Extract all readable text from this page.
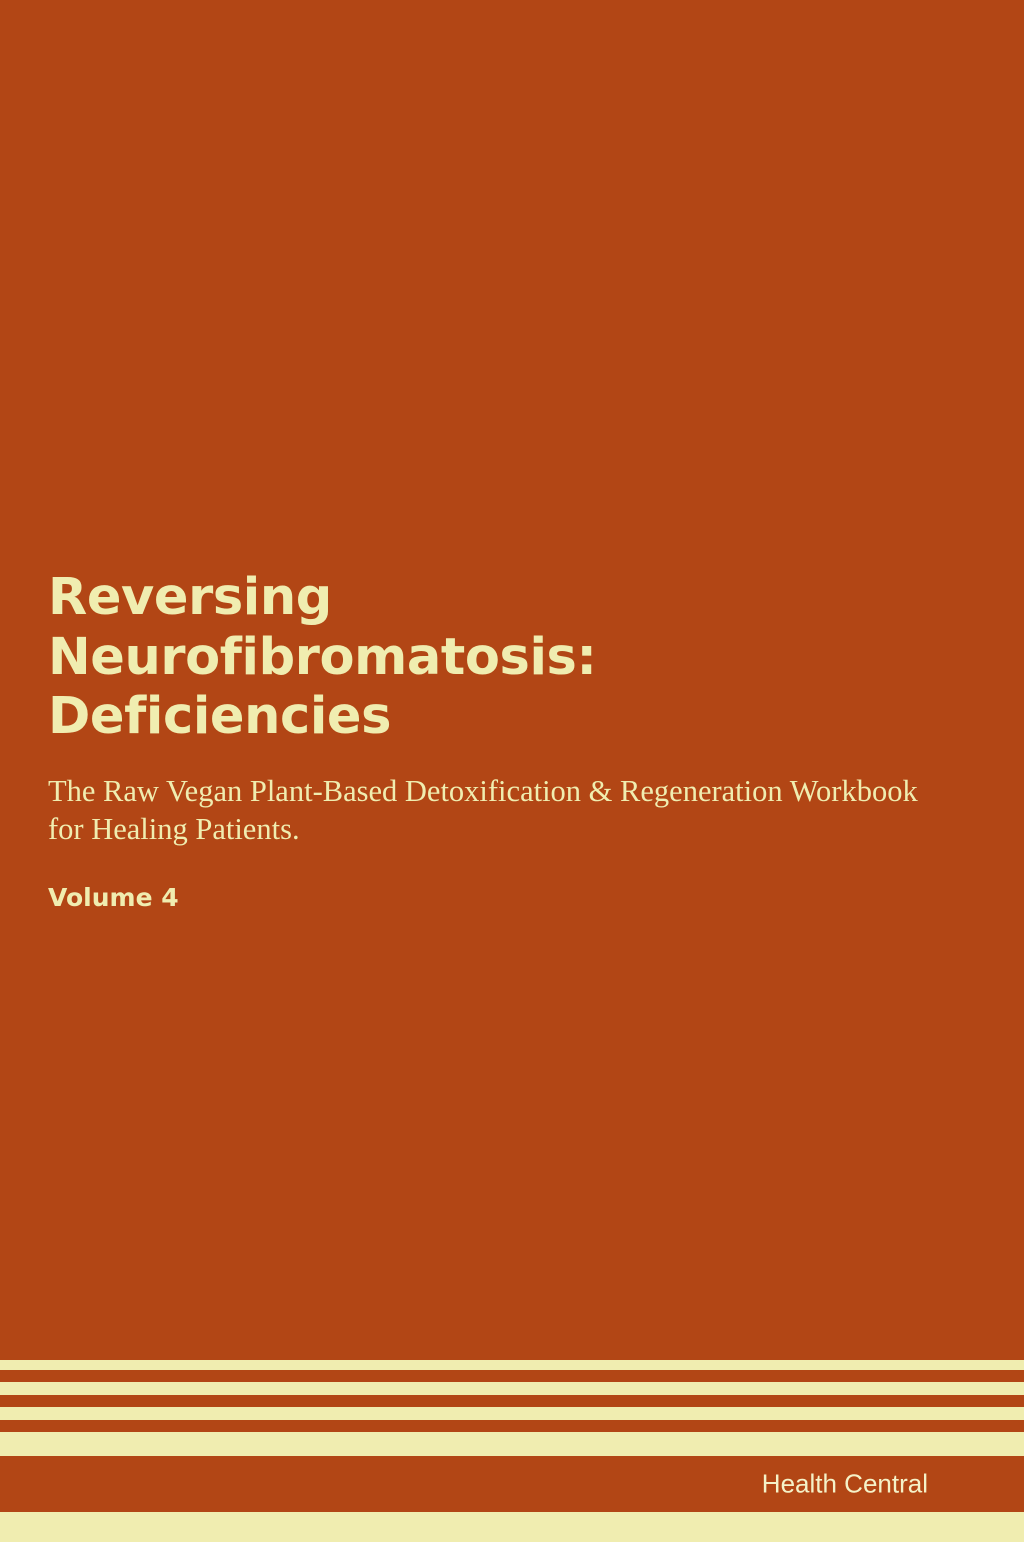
Reversing Neurofibromatosis: Deficiencies

The Raw Vegan Plant-Based Detoxification & Regeneration Workbook for Healing Patients.

Volume 4

Health Central
